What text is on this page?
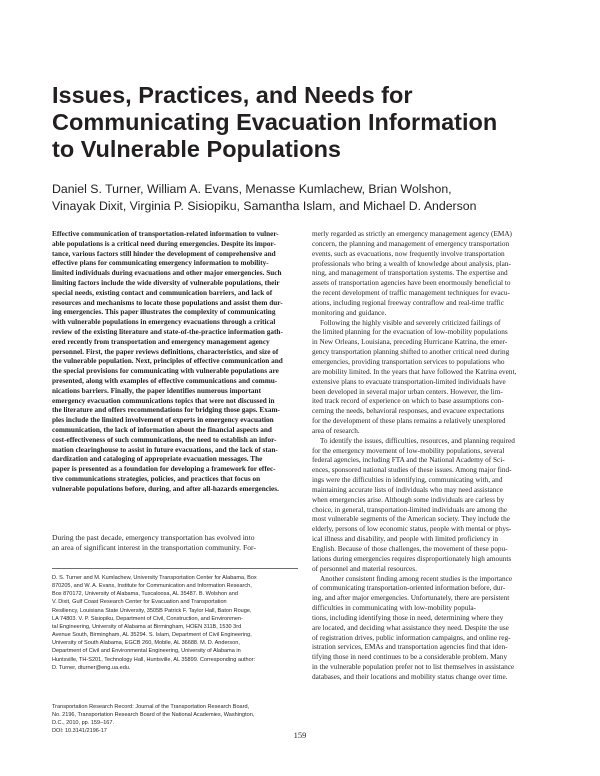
Issues, Practices, and Needs for
Communicating Evacuation Information
to Vulnerable Populations
Daniel S. Turner, William A. Evans, Menasse Kumlachew, Brian Wolshon,
Vinayak Dixit, Virginia P. Sisiopiku, Samantha Islam, and Michael D. Anderson
Effective communication of transportation-related information to vulner-
able populations is a critical need during emergencies. Despite its impor-
tance, various factors still hinder the development of comprehensive and
effective plans for communicating emergency information to mobility-
limited individuals during evacuations and other major emergencies. Such
limiting factors include the wide diversity of vulnerable populations, their
special needs, existing contact and communication barriers, and lack of
resources and mechanisms to locate those populations and assist them dur-
ing emergencies. This paper illustrates the complexity of communicating
with vulnerable populations in emergency evacuations through a critical
review of the existing literature and state-of-the-practice information gath-
ered recently from transportation and emergency management agency
personnel. First, the paper reviews definitions, characteristics, and size of
the vulnerable population. Next, principles of effective communication and
the special provisions for communicating with vulnerable populations are
presented, along with examples of effective communications and commu-
nications barriers. Finally, the paper identifies numerous important
emergency evacuation communications topics that were not discussed in
the literature and offers recommendations for bridging those gaps. Exam-
ples include the limited involvement of experts in emergency evacuation
communication, the lack of information about the financial aspects and
cost-effectiveness of such communications, the need to establish an infor-
mation clearinghouse to assist in future evacuations, and the lack of stan-
dardization and cataloging of appropriate evacuation messages. The
paper is presented as a foundation for developing a framework for effec-
tive communications strategies, policies, and practices that focus on
vulnerable populations before, during, and after all-hazards emergencies.
During the past decade, emergency transportation has evolved into
an area of significant interest in the transportation community. For-
D. S. Turner and M. Kumlachew, University Transportation Center for Alabama, Box
870205, and W. A. Evans, Institute for Communication and Information Research,
Box 870172, University of Alabama, Tuscaloosa, AL 35487. B. Wolshon and
V. Dixit, Gulf Coast Research Center for Evacuation and Transportation
Resiliency, Louisiana State University, 3505B Patrick F. Taylor Hall, Baton Rouge,
LA 74803. V. P. Sisiopiku, Department of Civil, Construction, and Environmen-
tal Engineering, University of Alabama at Birmingham, HOEN 311B, 1530 3rd
Avenue South, Birmingham, AL 35294. S. Islam, Department of Civil Engineering,
University of South Alabama, EGCB 260, Mobile, AL 36688. M. D. Anderson,
Department of Civil and Environmental Engineering, University of Alabama in
Huntsville, TH-S201, Technology Hall, Huntsville, AL 35899. Corresponding author:
D. Turner, dturner@eng.ua.edu.
Transportation Research Record: Journal of the Transportation Research Board,
No. 2196, Transportation Research Board of the National Academies, Washington,
D.C., 2010, pp. 159–167.
DOI: 10.3141/2196-17
merly regarded as strictly an emergency management agency (EMA)
concern, the planning and management of emergency transportation
events, such as evacuations, now frequently involve transportation
professionals who bring a wealth of knowledge about analysis, plan-
ning, and management of transportation systems. The expertise and
assets of transportation agencies have been enormously beneficial to
the recent development of traffic management techniques for evacu-
ations, including regional freeway contraflow and real-time traffic
monitoring and guidance.
Following the highly visible and severely criticized failings of
the limited planning for the evacuation of low-mobility populations
in New Orleans, Louisiana, preceding Hurricane Katrina, the emer-
gency transportation planning shifted to another critical need during
emergencies, providing transportation services to populations who
are mobility limited. In the years that have followed the Katrina event,
extensive plans to evacuate transportation-limited individuals have
been developed in several major urban centers. However, the lim-
ited track record of experience on which to base assumptions con-
cerning the needs, behavioral responses, and evacuee expectations
for the development of these plans remains a relatively unexplored
area of research.
To identify the issues, difficulties, resources, and planning required
for the emergency movement of low-mobility populations, several
federal agencies, including FTA and the National Academy of Sci-
ences, sponsored national studies of these issues. Among major find-
ings were the difficulties in identifying, communicating with, and
maintaining accurate lists of individuals who may need assistance
when emergencies arise. Although some individuals are carless by
choice, in general, transportation-limited individuals are among the
most vulnerable segments of the American society. They include the
elderly, persons of low economic status, people with mental or phys-
ical illness and disability, and people with limited proficiency in
English. Because of those challenges, the movement of these popu-
lations during emergencies requires disproportionately high amounts
of personnel and material resources.
Another consistent finding among recent studies is the importance
of communicating transportation-oriented information before, dur-
ing, and after major emergencies. Unfortunately, there are persistent
difficulties in communicating with low-mobility popula-
tions, including identifying those in need, determining where they
are located, and deciding what assistance they need. Despite the use
of registration drives, public information campaigns, and online reg-
istration services, EMAs and transportation agencies find that iden-
tifying those in need continues to be a considerable problem. Many
in the vulnerable population prefer not to list themselves in assistance
databases, and their locations and mobility status change over time.
159
